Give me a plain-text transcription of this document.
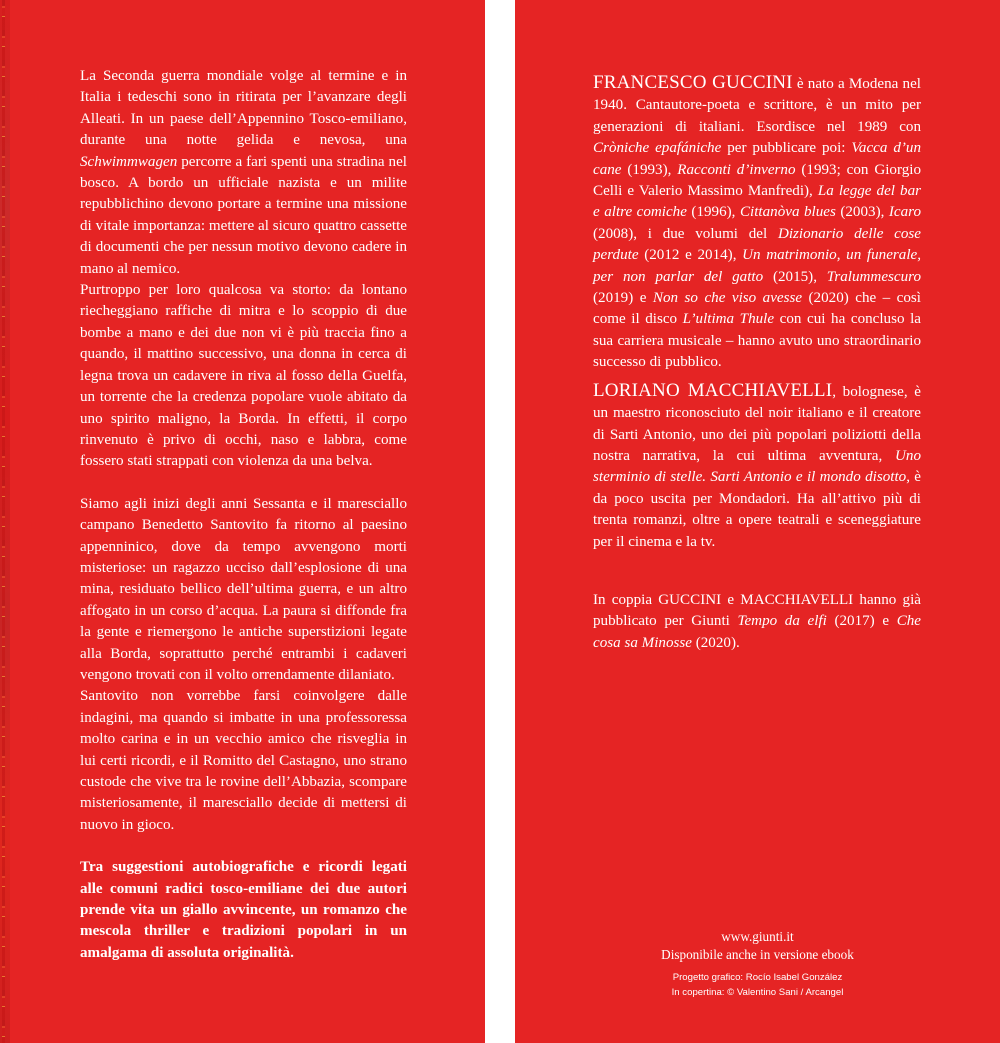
La Seconda guerra mondiale volge al termine e in Italia i tedeschi sono in ritirata per l’avanzare degli Alleati. In un paese dell’Appennino Tosco-emiliano, durante una notte gelida e nevosa, una Schwimmwagen percorre a fari spenti una stradina nel bosco. A bordo un ufficiale nazista e un milite repubblichino devono portare a termine una missione di vitale importanza: mettere al sicuro quattro cassette di documenti che per nessun motivo devono cadere in mano al nemico.

Purtroppo per loro qualcosa va storto: da lontano riecheggiano raffiche di mitra e lo scoppio di due bombe a mano e dei due non vi è più traccia fino a quando, il mattino successivo, una donna in cerca di legna trova un cadavere in riva al fosso della Guelfa, un torrente che la credenza popolare vuole abitato da uno spirito maligno, la Borda. In effetti, il corpo rinvenuto è privo di occhi, naso e labbra, come fossero stati strappati con violenza da una belva.

Siamo agli inizi degli anni Sessanta e il maresciallo campano Benedetto Santovito fa ritorno al paesino appenninico, dove da tempo avvengono morti misteriose: un ragazzo ucciso dall’esplosione di una mina, residuato bellico dell’ultima guerra, e un altro affogato in un corso d’acqua. La paura si diffonde fra la gente e riemergono le antiche superstizioni legate alla Borda, soprattutto perché entrambi i cadaveri vengono trovati con il volto orrendamente dilaniato.

Santovito non vorrebbe farsi coinvolgere dalle indagini, ma quando si imbatte in una professoressa molto carina e in un vecchio amico che risveglia in lui certi ricordi, e il Romitto del Castagno, uno strano custode che vive tra le rovine dell’Abbazia, scompare misteriosamente, il maresciallo decide di mettersi di nuovo in gioco.

Tra suggestioni autobiografiche e ricordi legati alle comuni radici tosco-emiliane dei due autori prende vita un giallo avvincente, un romanzo che mescola thriller e tradizioni popolari in un amalgama di assoluta originalità.

FRANCESCO GUCCINI è nato a Modena nel 1940. Cantautore-poeta e scrittore, è un mito per generazioni di italiani. Esordisce nel 1989 con Cròniche epafániche per pubblicare poi: Vacca d’un cane (1993), Racconti d’inverno (1993; con Giorgio Celli e Valerio Massimo Manfredi), La legge del bar e altre comiche (1996), Cittanòva blues (2003), Icaro (2008), i due volumi del Dizionario delle cose perdute (2012 e 2014), Un matrimonio, un funerale, per non parlar del gatto (2015), Tralummescuro (2019) e Non so che viso avesse (2020) che – così come il disco L’ultima Thule con cui ha concluso la sua carriera musicale – hanno avuto uno straordinario successo di pubblico.

LORIANO MACCHIAVELLI, bolognese, è un maestro riconosciuto del noir italiano e il creatore di Sarti Antonio, uno dei più popolari poliziotti della nostra narrativa, la cui ultima avventura, Uno sterminio di stelle. Sarti Antonio e il mondo disotto, è da poco uscita per Mondadori. Ha all’attivo più di trenta romanzi, oltre a opere teatrali e sceneggiature per il cinema e la tv.

In coppia GUCCINI e MACCHIAVELLI hanno già pubblicato per Giunti Tempo da elfi (2017) e Che cosa sa Minosse (2020).

www.giunti.it
Disponibile anche in versione ebook
Progetto grafico: Rocío Isabel González
In copertina: © Valentino Sani / Arcangel
